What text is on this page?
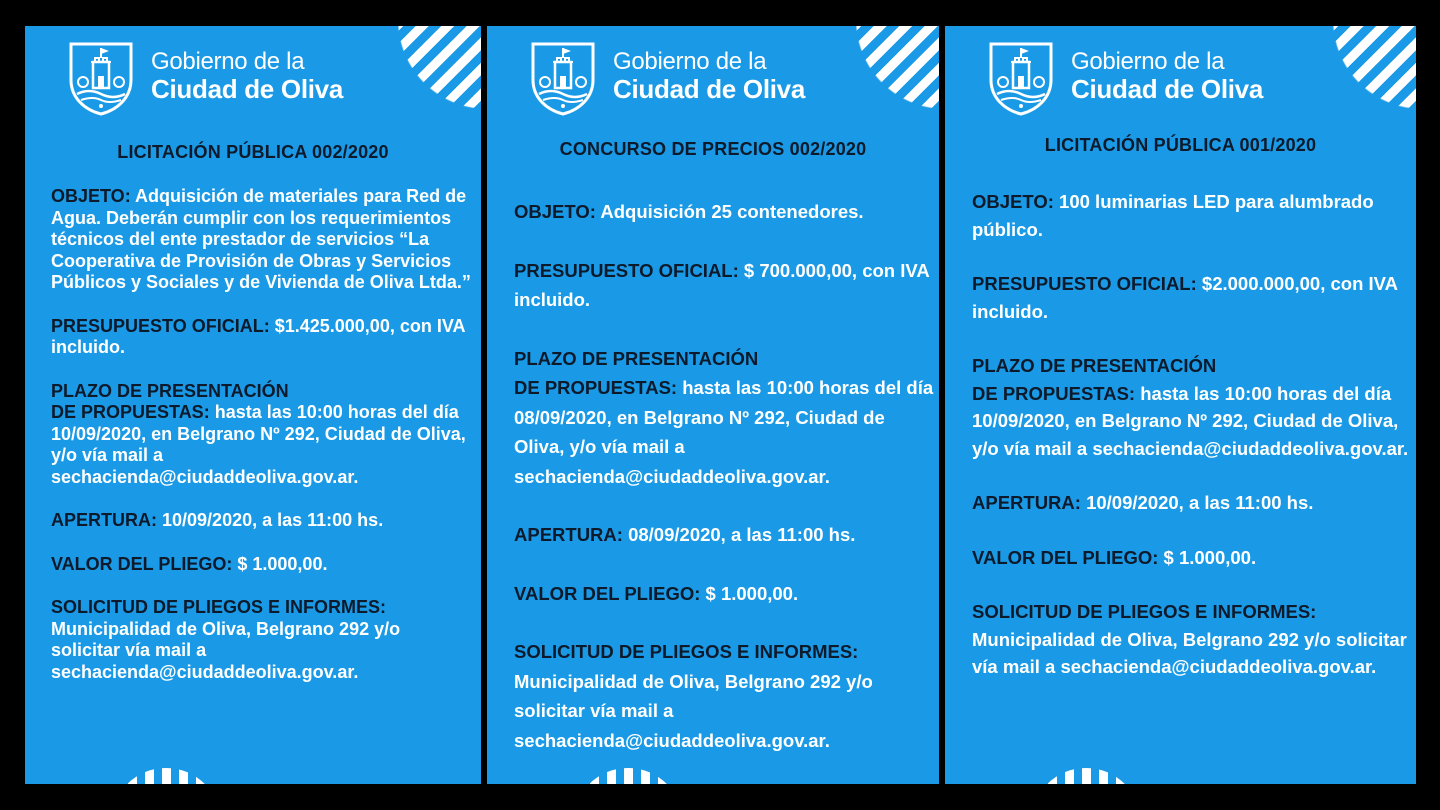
Gobierno de la
Ciudad de Oliva
LICITACIÓN PÚBLICA 002/2020

OBJETO: Adquisición de materiales para Red de Agua. Deberán cumplir con los requerimientos técnicos del ente prestador de servicios “La Cooperativa de Provisión de Obras y Servicios Públicos y Sociales y de Vivienda de Oliva Ltda.”

PRESUPUESTO OFICIAL: $1.425.000,00, con IVA incluido.

PLAZO DE PRESENTACIÓN
DE PROPUESTAS: hasta las 10:00 horas del día 10/09/2020, en Belgrano Nº 292, Ciudad de Oliva, y/o vía mail a sechacienda@ciudaddeoliva.gov.ar.

APERTURA: 10/09/2020, a las 11:00 hs.

VALOR DEL PLIEGO: $ 1.000,00.

SOLICITUD DE PLIEGOS E INFORMES:
Municipalidad de Oliva, Belgrano 292 y/o solicitar vía mail a sechacienda@ciudaddeoliva.gov.ar.

Gobierno de la
Ciudad de Oliva
CONCURSO DE PRECIOS 002/2020

OBJETO: Adquisición 25 contenedores.

PRESUPUESTO OFICIAL: $ 700.000,00, con IVA incluido.

PLAZO DE PRESENTACIÓN
DE PROPUESTAS: hasta las 10:00 horas del día 08/09/2020, en Belgrano Nº 292, Ciudad de Oliva, y/o vía mail a sechacienda@ciudaddeoliva.gov.ar.

APERTURA: 08/09/2020, a las 11:00 hs.

VALOR DEL PLIEGO: $ 1.000,00.

SOLICITUD DE PLIEGOS E INFORMES:
Municipalidad de Oliva, Belgrano 292 y/o solicitar vía mail a sechacienda@ciudaddeoliva.gov.ar.

Gobierno de la
Ciudad de Oliva
LICITACIÓN PÚBLICA 001/2020

OBJETO: 100 luminarias LED para alumbrado público.

PRESUPUESTO OFICIAL: $2.000.000,00, con IVA incluido.

PLAZO DE PRESENTACIÓN
DE PROPUESTAS: hasta las 10:00 horas del día 10/09/2020, en Belgrano Nº 292, Ciudad de Oliva, y/o vía mail a sechacienda@ciudaddeoliva.gov.ar.

APERTURA: 10/09/2020, a las 11:00 hs.

VALOR DEL PLIEGO: $ 1.000,00.

SOLICITUD DE PLIEGOS E INFORMES:
Municipalidad de Oliva, Belgrano 292 y/o solicitar vía mail a sechacienda@ciudaddeoliva.gov.ar.
